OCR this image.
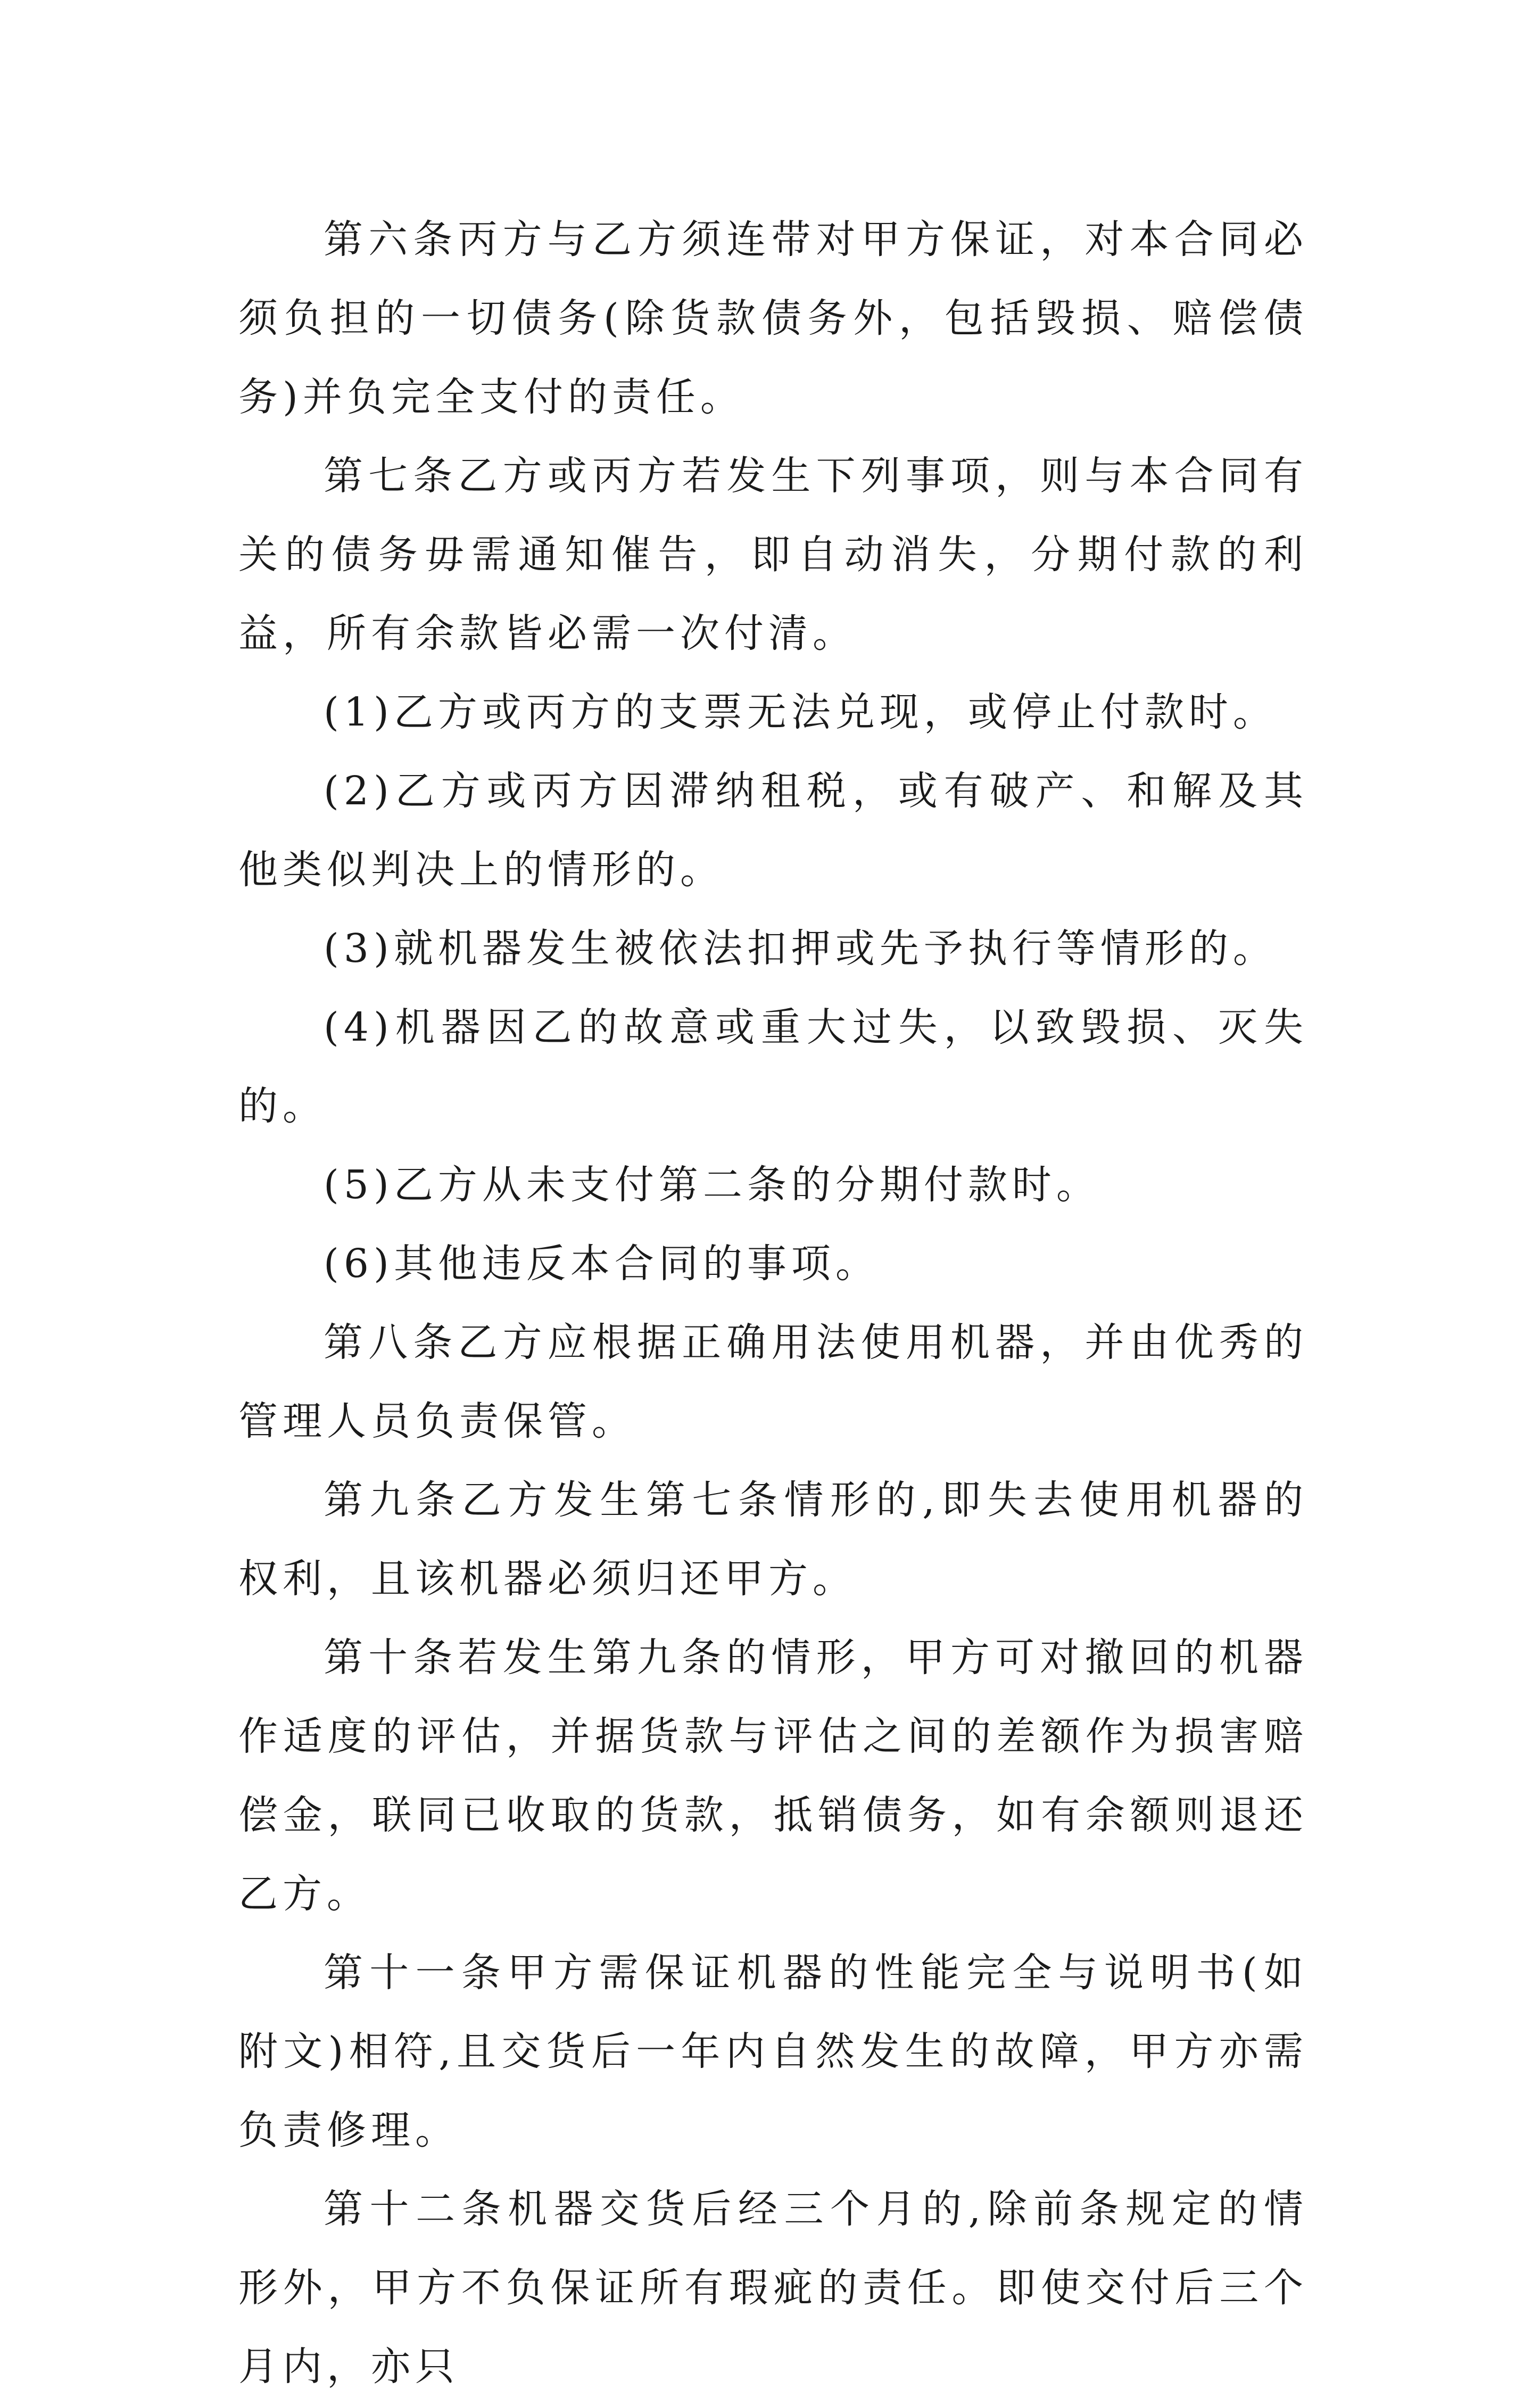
第六条丙方与乙方须连带对甲方保证，对本合同必须负担的一切债务(除货款债务外，包括毁损、赔偿债务)并负完全支付的责任。

第七条乙方或丙方若发生下列事项，则与本合同有关的债务毋需通知催告，即自动消失，分期付款的利益，所有余款皆必需一次付清。

(1)乙方或丙方的支票无法兑现，或停止付款时。

(2)乙方或丙方因滞纳租税，或有破产、和解及其他类似判决上的情形的。

(3)就机器发生被依法扣押或先予执行等情形的。

(4)机器因乙的故意或重大过失，以致毁损、灭失的。

(5)乙方从未支付第二条的分期付款时。

(6)其他违反本合同的事项。

第八条乙方应根据正确用法使用机器，并由优秀的管理人员负责保管。

第九条乙方发生第七条情形的,即失去使用机器的权利，且该机器必须归还甲方。

第十条若发生第九条的情形，甲方可对撤回的机器作适度的评估，并据货款与评估之间的差额作为损害赔偿金，联同已收取的货款，抵销债务，如有余额则退还乙方。

第十一条甲方需保证机器的性能完全与说明书(如附文)相符,且交货后一年内自然发生的故障，甲方亦需负责修理。

第十二条机器交货后经三个月的,除前条规定的情形外，甲方不负保证所有瑕疵的责任。即使交付后三个月内，亦只
